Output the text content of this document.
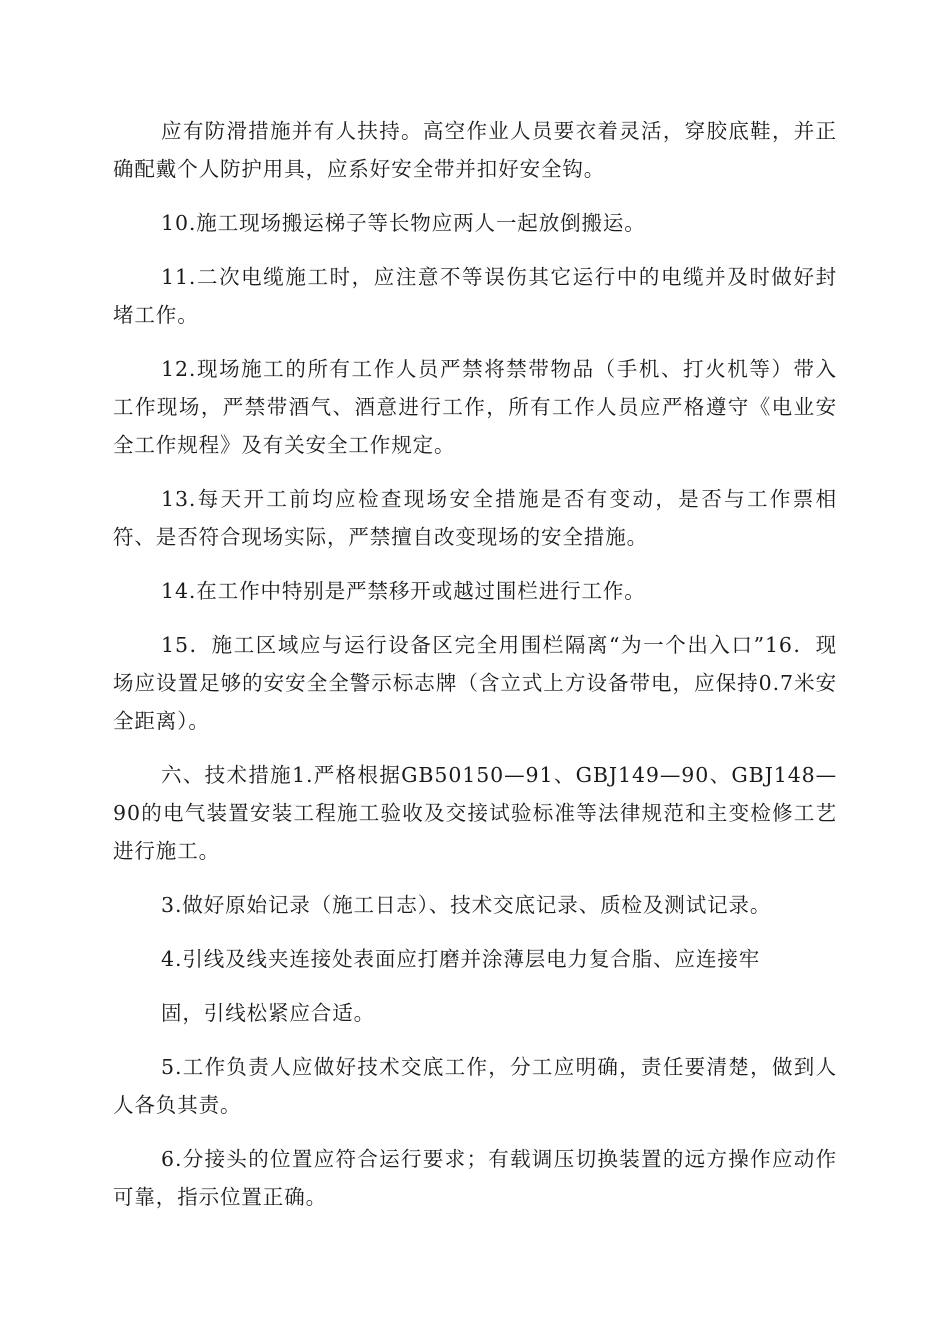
应有防滑措施并有人扶持。高空作业人员要衣着灵活，穿胶底鞋，并正确配戴个人防护用具，应系好安全带并扣好安全钩。

10.施工现场搬运梯子等长物应两人一起放倒搬运。

11.二次电缆施工时，应注意不等误伤其它运行中的电缆并及时做好封堵工作。

12.现场施工的所有工作人员严禁将禁带物品（手机、打火机等）带入工作现场，严禁带酒气、酒意进行工作，所有工作人员应严格遵守《电业安全工作规程》及有关安全工作规定。

13.每天开工前均应检查现场安全措施是否有变动，是否与工作票相符、是否符合现场实际，严禁擅自改变现场的安全措施。

14.在工作中特别是严禁移开或越过围栏进行工作。

15．施工区域应与运行设备区完全用围栏隔离“为一个出入口”16．现场应设置足够的安安全全警示标志牌（含立式上方设备带电，应保持0.7米安全距离）。

六、技术措施1.严格根据GB50150—91、GBJ149—90、GBJ148—90的电气装置安装工程施工验收及交接试验标准等法律规范和主变检修工艺进行施工。

3.做好原始记录（施工日志）、技术交底记录、质检及测试记录。

4.引线及线夹连接处表面应打磨并涂薄层电力复合脂、应连接牢

固，引线松紧应合适。

5.工作负责人应做好技术交底工作，分工应明确，责任要清楚，做到人人各负其责。

6.分接头的位置应符合运行要求；有载调压切换装置的远方操作应动作可靠，指示位置正确。
